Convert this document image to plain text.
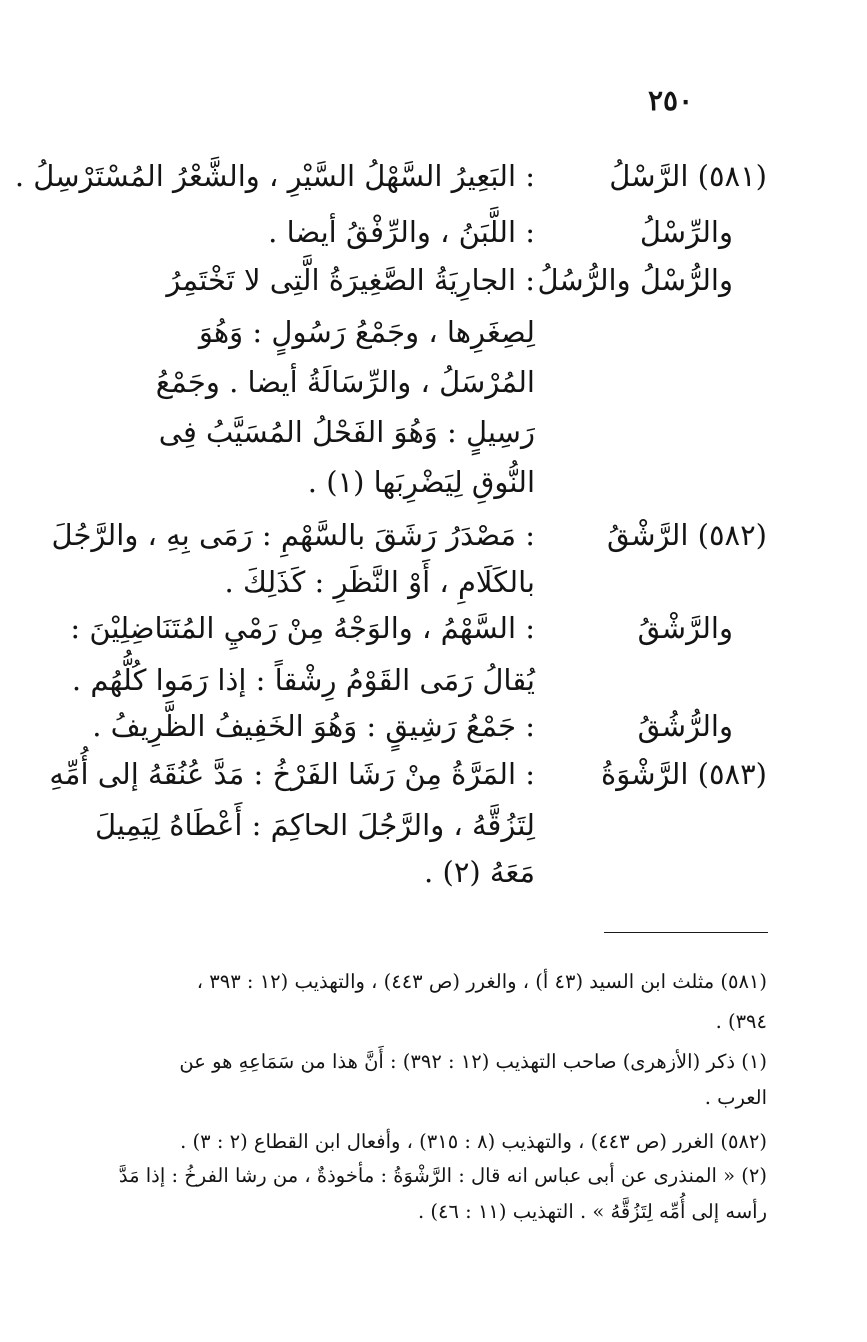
٢٥٠
(٥٨١) الرَّسْلُ
: البَعِيرُ السَّهْلُ السَّيْرِ ، والشَّعْرُ المُسْتَرْسِلُ .
والرِّسْلُ
: اللَّبَنُ ، والرِّفْقُ أيضا .
والرُّسْلُ والرُّسُلُ
: الجارِيَةُ الصَّغِيرَةُ الَّتِى لا تَخْتَمِرُ
لِصِغَرِها ، وجَمْعُ رَسُولٍ : وَهُوَ
المُرْسَلُ ، والرِّسَالَةُ أيضا . وجَمْعُ
رَسِيلٍ : وَهُوَ الفَحْلُ المُسَيَّبُ فِى
النُّوقِ لِيَضْرِبَها (١) .
(٥٨٢) الرَّشْقُ
: مَصْدَرُ رَشَقَ بالسَّهْمِ : رَمَى بِهِ ، والرَّجُلَ
بالكَلَامِ ، أَوْ النَّظَرِ : كَذَلِكَ .
والرَّشْقُ
: السَّهْمُ ، والوَجْهُ مِنْ رَمْيِ المُتَنَاضِلِيْنَ :
يُقالُ رَمَى القَوْمُ رِشْقاً : إذا رَمَوا كُلُّهُم .
والرُّشُقُ
: جَمْعُ رَشِيقٍ : وَهُوَ الخَفِيفُ الظَّرِيفُ .
(٥٨٣) الرَّشْوَةُ
: المَرَّةُ مِنْ رَشَا الفَرْخُ : مَدَّ عُنُقَهُ إلى أُمِّهِ
لِتَزُقَّهُ ، والرَّجُلَ الحاكِمَ : أَعْطَاهُ لِيَمِيلَ
مَعَهُ (٢) .
(٥٨١) مثلث ابن السيد (٤٣ أ) ، والغرر (ص ٤٤٣) ، والتهذيب (١٢ : ٣٩٣ ،
٣٩٤) .
(١) ذكر (الأزهرى) صاحب التهذيب (١٢ : ٣٩٢) : أَنَّ هذا من سَمَاعِهِ هو عن
العرب .
(٥٨٢) الغرر (ص ٤٤٣) ، والتهذيب (٨ : ٣١٥) ، وأفعال ابن القطاع (٢ : ٣) .
(٢) « المنذرى عن أبى عباس انه قال : الرَّشْوَةُ : مأخوذةٌ ، من رشا الفرخُ : إذا مَدَّ
رأسه إلى أُمِّه لِتَزُقَّهُ » . التهذيب (١١ : ٤٦) .
